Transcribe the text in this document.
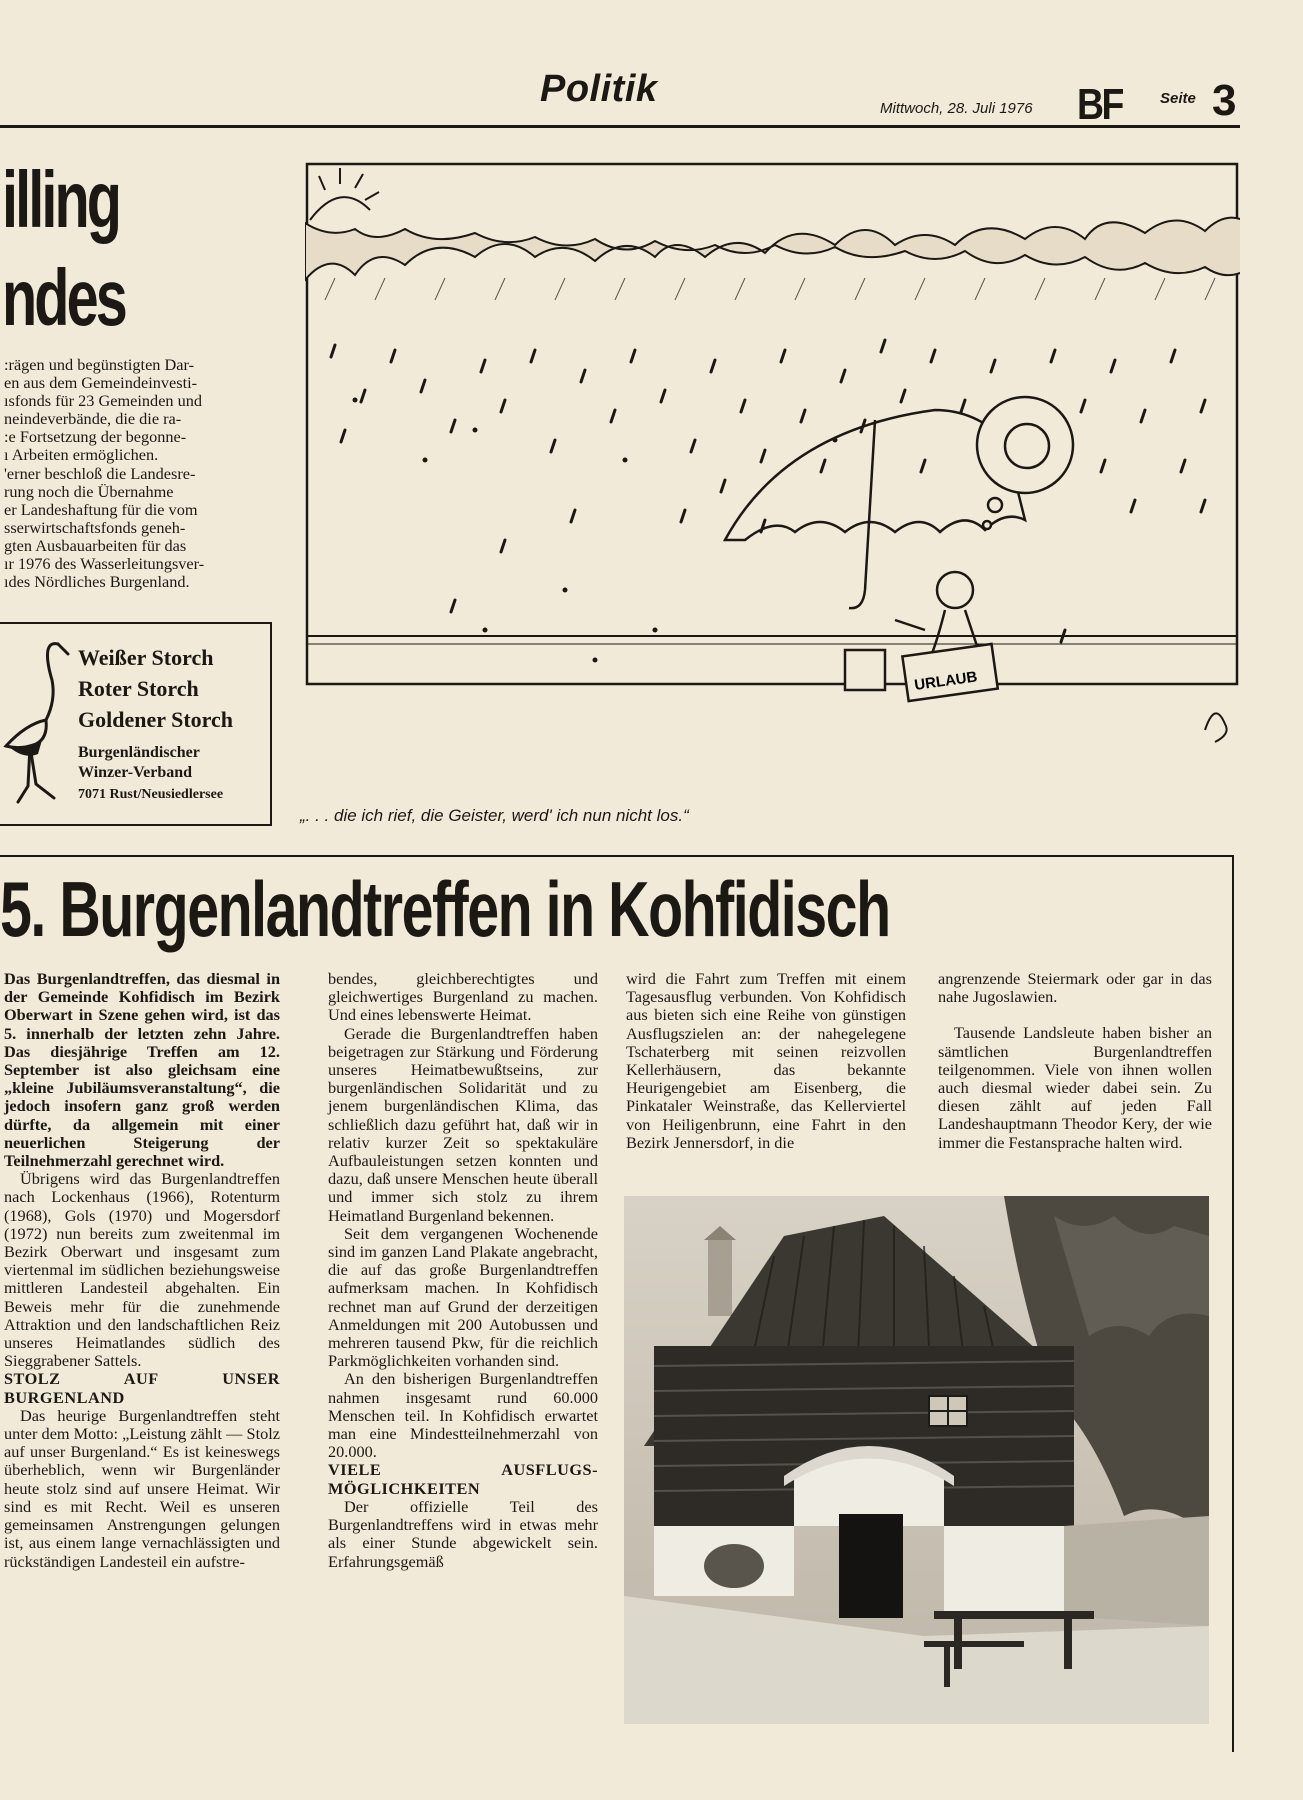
Politik	Mittwoch, 28. Juli 1976 BF	Seite 3
illing
ndes

:rägen und begünstigten Dar-

en aus dem Gemeindeinvesti-

ısfonds für 23 Gemeinden und

neindeverbände, die die ra-

:e Fortsetzung der begonne-

ı Arbeiten ermöglichen.

'erner beschloß die Landesre-

rung noch die Übernahme

er Landeshaftung für die vom

sserwirtschaftsfonds geneh-

gten Ausbauarbeiten für das

ır 1976 des Wasserleitungsver-

ıdes Nördliches Burgenland.

Weißer Storch
Roter Storch
Goldener Storch
Burgenländischer
Winzer-Verband
7071 Rust/Neusiedlersee
URLAUB
„. . . die ich rief, die Geister, werd' ich nun nicht los.“
5. Burgenlandtreffen in Kohfidisch

Das Burgenlandtreffen, das diesmal in der Gemeinde Kohfidisch im Bezirk Oberwart in Szene gehen wird, ist das 5. innerhalb der letzten zehn Jahre. Das diesjährige Treffen am 12. September ist also gleichsam eine „kleine Jubiläumsveranstaltung“, die jedoch insofern ganz groß werden dürfte, da allgemein mit einer neuerlichen Steigerung der Teilnehmerzahl gerechnet wird.

Übrigens wird das Burgenlandtreffen nach Lockenhaus (1966), Rotenturm (1968), Gols (1970) und Mogersdorf (1972) nun bereits zum zweitenmal im Bezirk Oberwart und insgesamt zum viertenmal im südlichen beziehungsweise mittleren Landesteil abgehalten. Ein Beweis mehr für die zunehmende Attraktion und den landschaftlichen Reiz unseres Heimatlandes südlich des Sieggrabener Sattels.

STOLZ AUF UNSER BURGENLAND

Das heurige Burgenlandtreffen steht unter dem Motto: „Leistung zählt — Stolz auf unser Burgenland.“ Es ist keineswegs überheblich, wenn wir Burgenländer heute stolz sind auf unsere Heimat. Wir sind es mit Recht. Weil es unseren gemeinsamen Anstrengungen gelungen ist, aus einem lange vernachlässigten und rückständigen Landesteil ein aufstre-

bendes, gleichberechtigtes und gleichwertiges Burgenland zu machen. Und eines lebenswerte Heimat.

Gerade die Burgenlandtreffen haben beigetragen zur Stärkung und Förderung unseres Heimatbewußtseins, zur burgenländischen Solidarität und zu jenem burgenländischen Klima, das schließlich dazu geführt hat, daß wir in relativ kurzer Zeit so spektakuläre Aufbauleistungen setzen konnten und dazu, daß unsere Menschen heute überall und immer sich stolz zu ihrem Heimatland Burgenland bekennen.

Seit dem vergangenen Wochenende sind im ganzen Land Plakate angebracht, die auf das große Burgenlandtreffen aufmerksam machen. In Kohfidisch rechnet man auf Grund der derzeitigen Anmeldungen mit 200 Autobussen und mehreren tausend Pkw, für die reichlich Parkmöglichkeiten vorhanden sind.

An den bisherigen Burgenlandtreffen nahmen insgesamt rund 60.000 Menschen teil. In Kohfidisch erwartet man eine Mindestteilnehmerzahl von 20.000.

VIELE AUSFLUGS-MÖGLICHKEITEN

Der offizielle Teil des Burgenlandtreffens wird in etwas mehr als einer Stunde abgewickelt sein. Erfahrungsgemäß

wird die Fahrt zum Treffen mit einem Tagesausflug verbunden. Von Kohfidisch aus bieten sich eine Reihe von günstigen Ausflugszielen an: der nahegelegene Tschaterberg mit seinen reizvollen Kellerhäusern, das bekannte Heurigengebiet am Eisenberg, die Pinkataler Weinstraße, das Kellerviertel von Heiligenbrunn, eine Fahrt in den Bezirk Jennersdorf, in die

angrenzende Steiermark oder gar in das nahe Jugoslawien.

Tausende Landsleute haben bisher an sämtlichen Burgenlandtreffen teilgenommen. Viele von ihnen wollen auch diesmal wieder dabei sein. Zu diesen zählt auf jeden Fall Landeshauptmann Theodor Kery, der wie immer die Festansprache halten wird.
